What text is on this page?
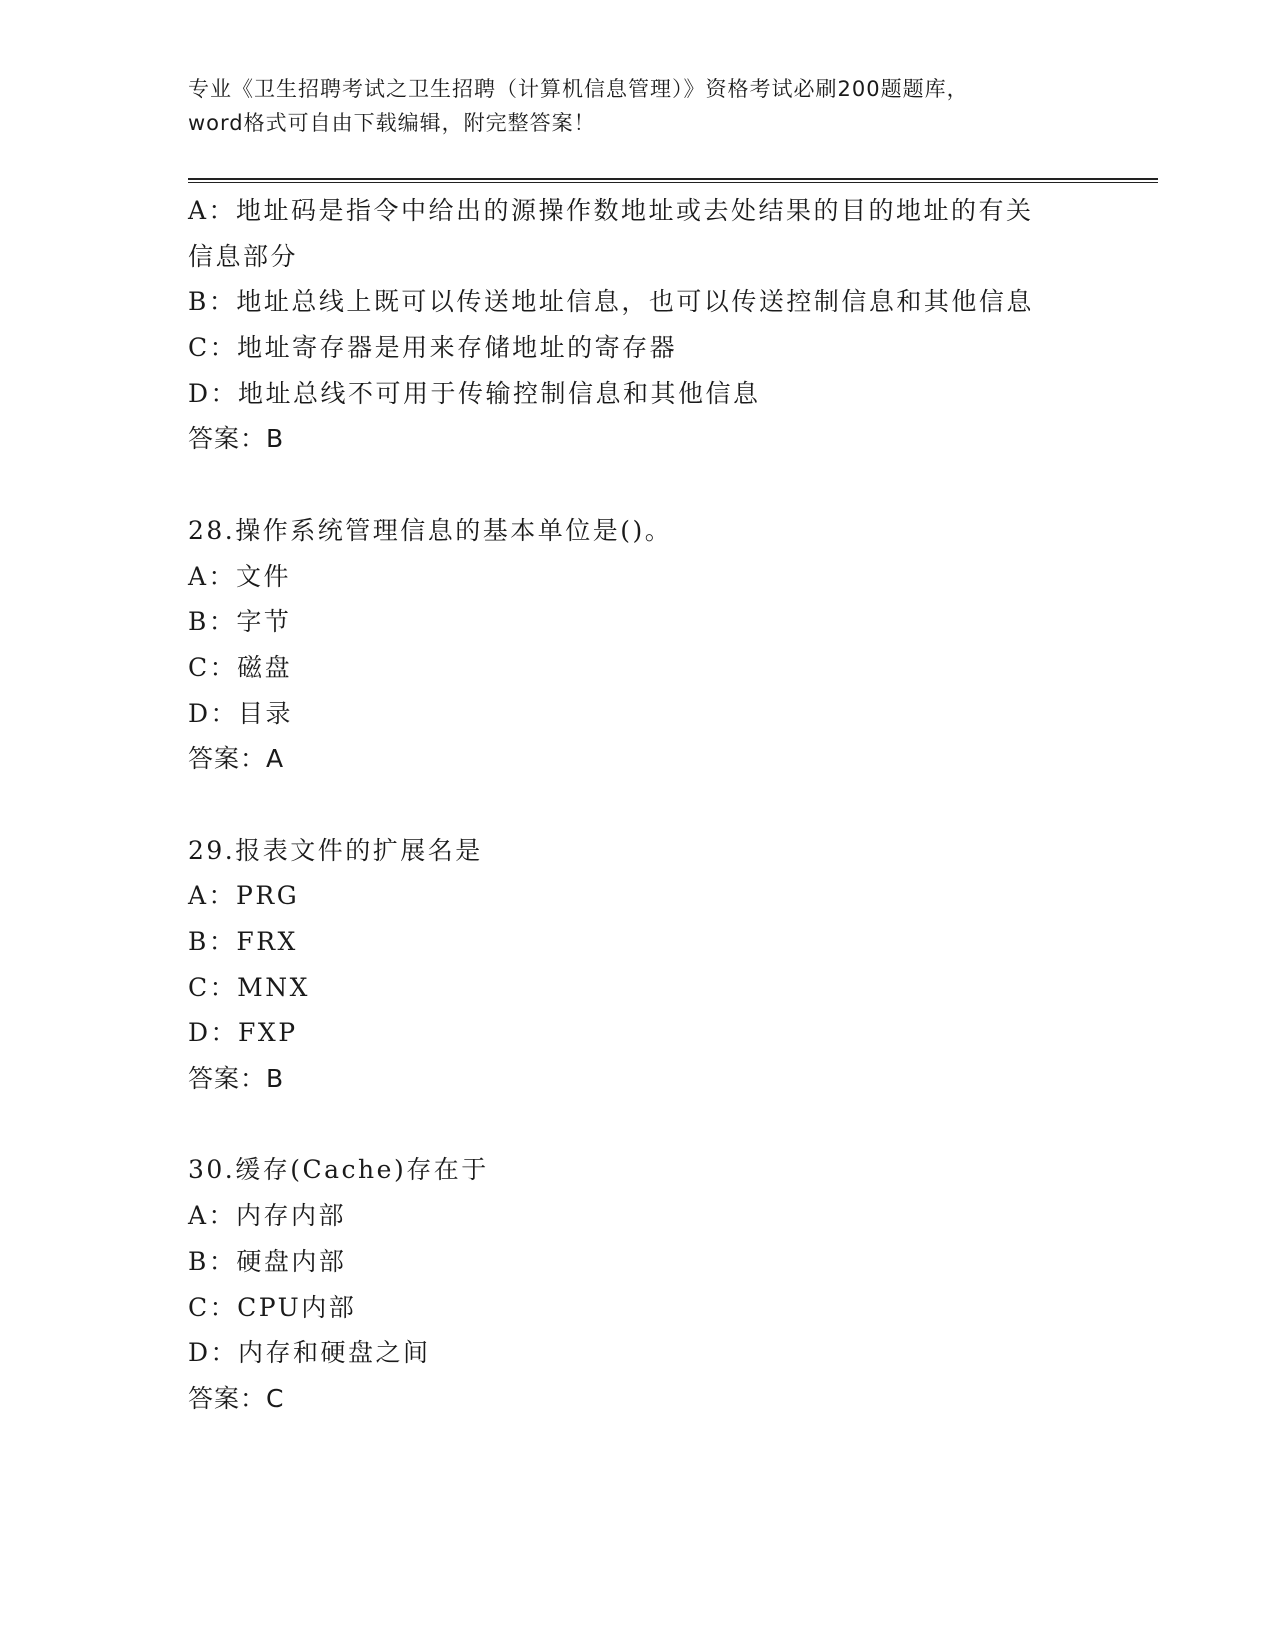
专业《卫生招聘考试之卫生招聘（计算机信息管理）》资格考试必刷200题题库，
word格式可自由下载编辑，附完整答案！
A：地址码是指令中给出的源操作数地址或去处结果的目的地址的有关
信息部分
B：地址总线上既可以传送地址信息，也可以传送控制信息和其他信息
C：地址寄存器是用来存储地址的寄存器
D：地址总线不可用于传输控制信息和其他信息
答案：B
28.操作系统管理信息的基本单位是()。
A：文件
B：字节
C：磁盘
D：目录
答案：A
29.报表文件的扩展名是
A：PRG
B：FRX
C：MNX
D：FXP
答案：B
30.缓存(Cache)存在于
A：内存内部
B：硬盘内部
C：CPU内部
D：内存和硬盘之间
答案：C
